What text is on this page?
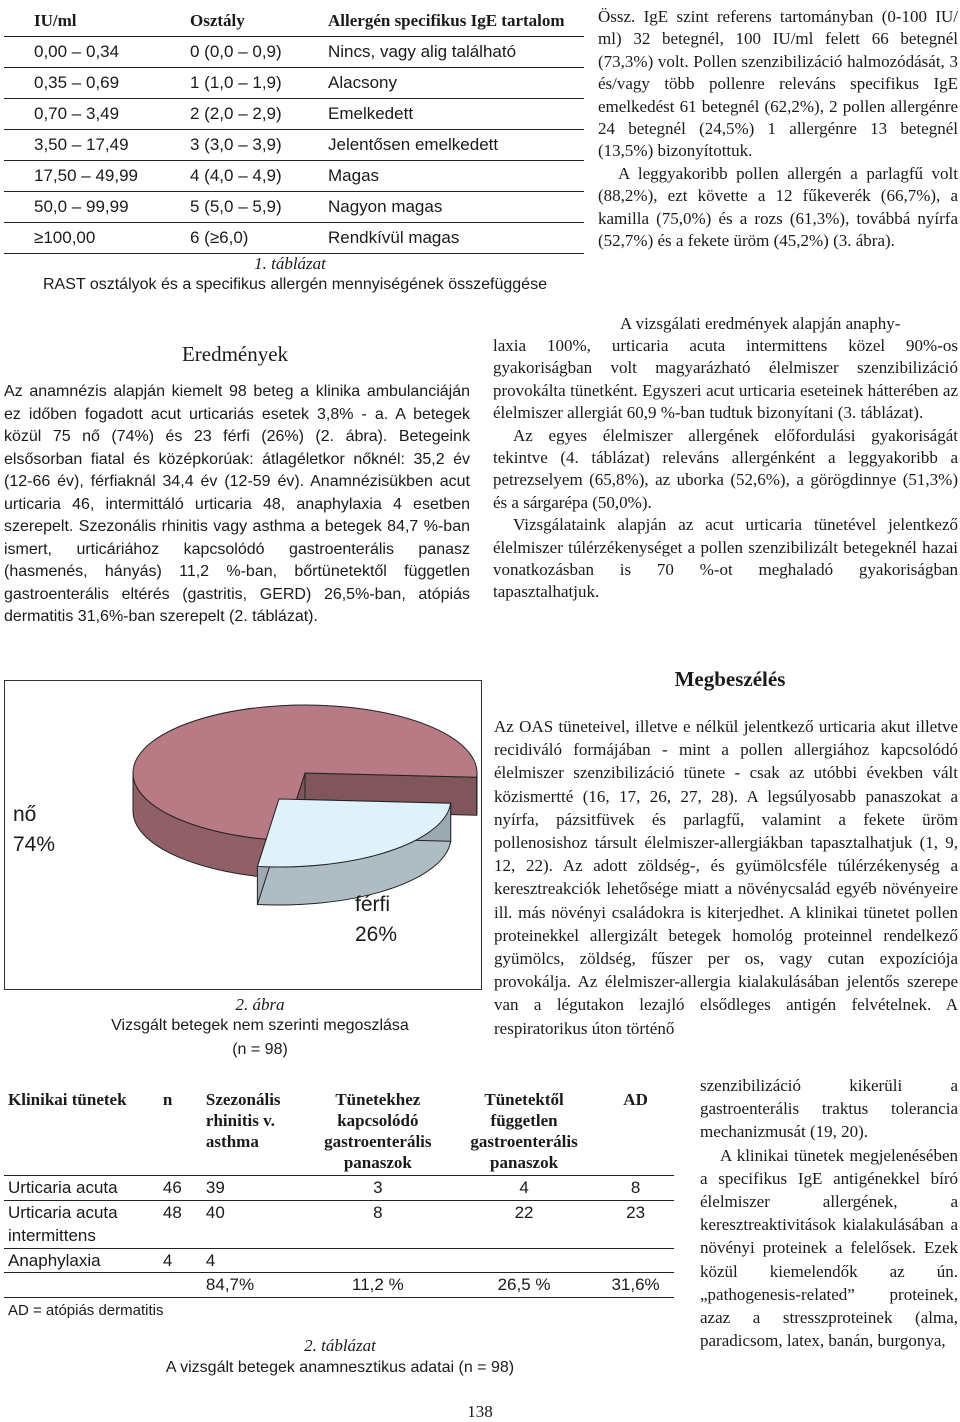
IU/ml	Osztály	Allergén specifikus IgE tartalom
0,00 – 0,34	0 (0,0 – 0,9)	Nincs, vagy alig található
0,35 – 0,69	1 (1,0 – 1,9)	Alacsony
0,70 – 3,49	2 (2,0 – 2,9)	Emelkedett
3,50 – 17,49	3 (3,0 – 3,9)	Jelentősen emelkedett
17,50 – 49,99	4 (4,0 – 4,9)	Magas
50,0 – 99,99	5 (5,0 – 5,9)	Nagyon magas
≥100,00	6 (≥6,0)	Rendkívül magas
1. táblázat
RAST osztályok és a specifikus allergén mennyiségének összefüggése
Eredmények
Az anamnézis alapján kiemelt 98 beteg a klinika ambulanciáján ez időben fogadott acut urticariás esetek 3,8% - a. A betegek közül 75 nő (74%) és 23 férfi (26%) (2. ábra). Betegeink elsősorban fiatal és középkorúak: átlagéletkor nőknél: 35,2 év (12-66 év), férfiaknál 34,4 év (12-59 év). Anamnézisükben acut urticaria 46, intermittáló urticaria 48, anaphylaxia 4 esetben szerepelt. Szezonális rhinitis vagy asthma a betegek 84,7 %-ban ismert, urticáriához kapcsolódó gastroenterális panasz (hasmenés, hányás) 11,2 %-ban, bőrtünetektől független gastroenterális eltérés (gastritis, GERD) 26,5%-ban, atópiás dermatitis 31,6%-ban szerepelt (2. táblázat).
Össz. IgE szint referens tartományban (0-100 IU/ ml) 32 betegnél, 100 IU/ml felett 66 betegnél (73,3%) volt. Pollen szenzibilizáció halmozódását, 3 és/vagy több pollenre releváns specifikus IgE emelkedést 61 betegnél (62,2%), 2 pollen allergénre 24 betegnél (24,5%) 1 allergénre 13 betegnél (13,5%) bizonyítottuk.
A leggyakoribb pollen allergén a parlagfű volt (88,2%), ezt követte a 12 fűkeverék (66,7%), a kamilla (75,0%) és a rozs (61,3%), továbbá nyírfa (52,7%) és a fekete üröm (45,2%) (3. ábra).
A vizsgálati eredmények alapján anaphy-
laxia 100%, urticaria acuta intermittens közel 90%-os gyakoriságban volt magyarázható élelmiszer szenzibilizáció provokálta tünetként. Egyszeri acut urticaria eseteinek hátterében az élelmiszer allergiát 60,9 %-ban tudtuk bizonyítani (3. táblázat).
Az egyes élelmiszer allergének előfordulási gyakoriságát tekintve (4. táblázat) releváns allergénként a leggyakoribb a petrezselyem (65,8%), az uborka (52,6%), a görögdinnye (51,3%) és a sárgarépa (50,0%).
Vizsgálataink alapján az acut urticaria tünetével jelentkező élelmiszer túlérzékenységet a pollen szenzibilizált betegeknél hazai vonatkozásban is 70 %-ot meghaladó gyakoriságban tapasztalhatjuk.
Megbeszélés
Az OAS tüneteivel, illetve e nélkül jelentkező urticaria akut illetve recidiváló formájában - mint a pollen allergiához kapcsolódó élelmiszer szenzibilizáció tünete - csak az utóbbi években vált közismertté (16, 17, 26, 27, 28). A legsúlyosabb panaszokat a nyírfa, pázsitfüvek és parlagfű, valamint a fekete üröm pollenosishoz társult élelmiszer-allergiákban tapasztalhatjuk (1, 9, 12, 22). Az adott zöldség-, és gyümölcsféle túlérzékenység a keresztreakciók lehetősége miatt a növénycsalád egyéb növényeire ill. más növényi családokra is kiterjedhet. A klinikai tünetet pollen proteinekkel allergizált betegek homológ proteinnel rendelkező gyümölcs, zöldség, fűszer per os, vagy cutan expozíciója provokálja. Az élelmiszer-allergia kialakulásában jelentős szerepe van a légutakon lezajló elsődleges antigén felvételnek. A respiratorikus úton történő
szenzibilizáció kikerüli a gastroenterális traktus tolerancia mechanizmusát (19, 20).
A klinikai tünetek megjelenésében a specifikus IgE antigénekkel bíró élelmiszer allergének, a keresztreaktivitások kialakulásában a növényi proteinek a felelősek. Ezek közül kiemelendők az ún. „pathogenesis-related” proteinek, azaz a stresszproteinek (alma, paradicsom, latex, banán, burgonya,
nő
74%
férfi
26%
2. ábra
Vizsgált betegek nem szerinti megoszlása
(n = 98)
Klinikai tünetek	n	Szezonális rhinitis v. asthma	Tünetekhez kapcsolódó gastroenterális panaszok	Tünetektől független gastroenterális panaszok	AD
Urticaria acuta	46	39	3	4	8
Urticaria acuta intermittens	48	40	8	22	23
Anaphylaxia	4	4			
		84,7%	11,2 %	26,5 %	31,6%
AD = atópiás dermatitis
2. táblázat
A vizsgált betegek anamnesztikus adatai (n = 98)
138
